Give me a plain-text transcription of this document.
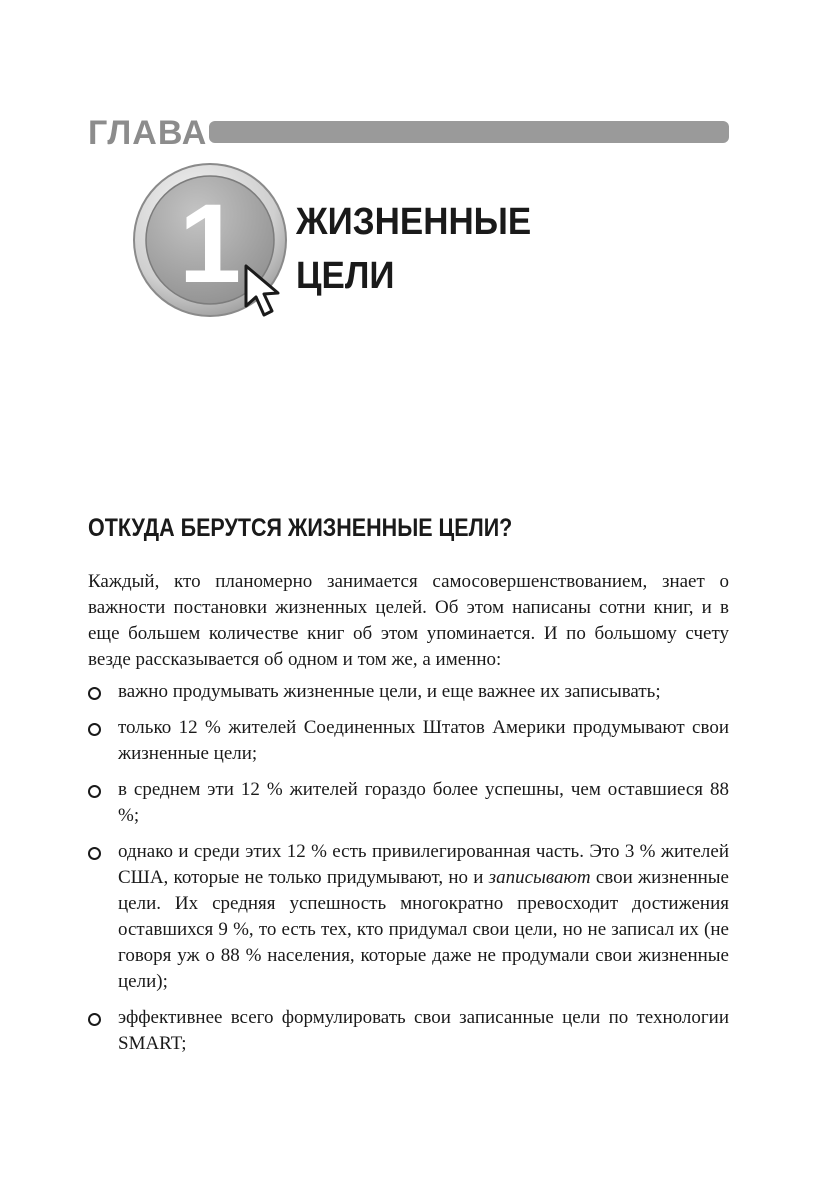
ГЛАВА
1	ЖИЗНЕННЫЕ
ЦЕЛИ
ОТКУДА БЕРУТСЯ ЖИЗНЕННЫЕ ЦЕЛИ?

Каждый, кто планомерно занимается самосовершенствованием, знает о важности постановки жизненных целей. Об этом написаны сотни книг, и в еще большем количестве книг об этом упоминается. И по большому счету везде рассказывается об одном и том же, а именно:

важно продумывать жизненные цели, и еще важнее их записывать;
только 12 % жителей Соединенных Штатов Америки продумывают свои жизненные цели;
в среднем эти 12 % жителей гораздо более успешны, чем оставшиеся 88 %;
однако и среди этих 12 % есть привилегированная часть. Это 3 % жителей США, которые не только придумывают, но и записывают свои жизненные цели. Их средняя успешность многократно превосходит достижения оставшихся 9 %, то есть тех, кто придумал свои цели, но не записал их (не говоря уж о 88 % населения, которые даже не продумали свои жизненные цели);
эффективнее всего формулировать свои записанные цели по технологии SMART;
